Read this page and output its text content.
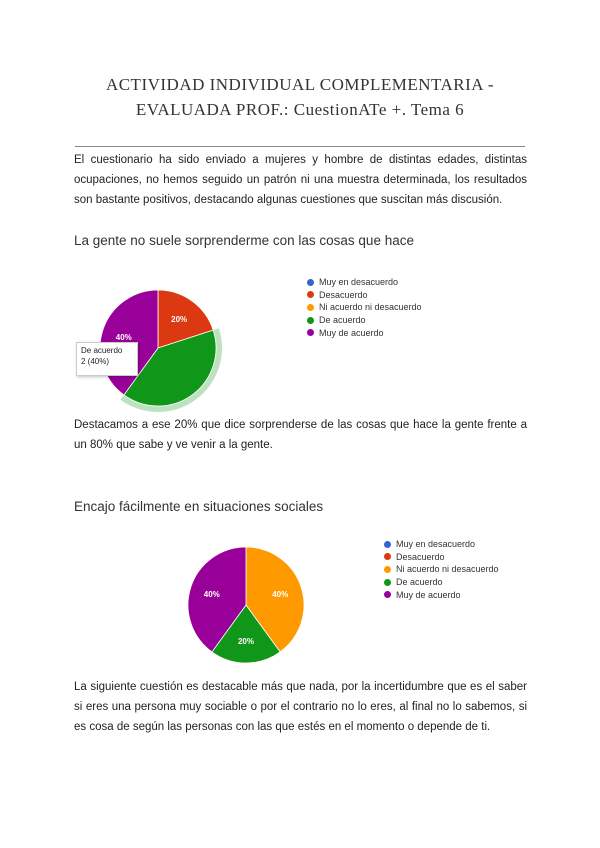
ACTIVIDAD INDIVIDUAL COMPLEMENTARIA -
EVALUADA PROF.: CuestionATe +. Tema 6
El cuestionario ha sido enviado a mujeres y hombre de distintas edades, distintas ocupaciones, no hemos seguido un patrón ni una muestra determinada, los resultados son bastante positivos, destacando algunas cuestiones que suscitan más discusión.
La gente no suele sorprenderme con las cosas que hace
20%
40%
De acuerdo
2 (40%)
Muy en desacuerdo
Desacuerdo
Ni acuerdo ni desacuerdo
De acuerdo
Muy de acuerdo
Destacamos a ese 20% que dice sorprenderse de las cosas que hace la gente frente a un 80% que sabe y ve venir a la gente.
Encajo fácilmente en situaciones sociales
40%
20%
40%
Muy en desacuerdo
Desacuerdo
Ni acuerdo ni desacuerdo
De acuerdo
Muy de acuerdo
La siguiente cuestión es destacable más que nada, por la incertidumbre que es el saber si eres una persona muy sociable o por el contrario no lo eres, al final no lo sabemos, si es cosa de según las personas con las que estés en el momento o depende de ti.
